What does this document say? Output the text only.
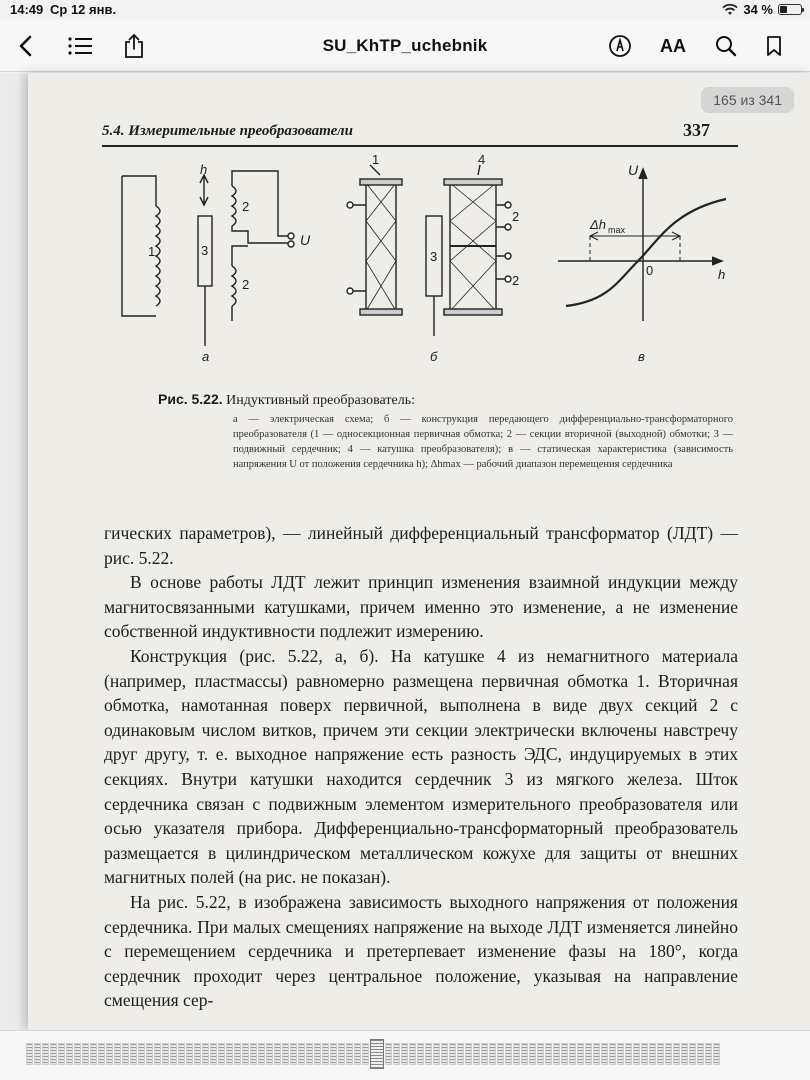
14:49 Ср 12 янв.	34 %
SU_KhTP_uchebnik	AA
5.4. Измерительные преобразователи	337
1
h
3
2
2
U
а
1	4
3
2
2
б
U
h
0
Δh max
в
Рис. 5.22. Индуктивный преобразователь:
а — электрическая схема; б — конструкция передающего дифференциально-трансформаторного преобразователя (1 — односекционная первичная обмотка; 2 — секции вторичной (выходной) обмотки; 3 — подвижный сердечник; 4 — катушка преобразователя); в — статическая характеристика (зависимость напряжения U от положения сердечника h); Δhmax — рабочий диапазон перемещения сердечника

гических параметров), — линейный дифференциальный трансформатор (ЛДТ) — рис. 5.22.

В основе работы ЛДТ лежит принцип изменения взаимной индукции между магнитосвязанными катушками, причем именно это изменение, а не изменение собственной индуктивности подлежит измерению.

Конструкция (рис. 5.22, а, б). На катушке 4 из немагнитного материала (например, пластмассы) равномерно размещена первичная обмотка 1. Вторичная обмотка, намотанная поверх первичной, выполнена в виде двух секций 2 с одинаковым числом витков, причем эти секции электрически включены навстречу друг другу, т. е. выходное напряжение есть разность ЭДС, индуцируемых в этих секциях. Внутри катушки находится сердечник 3 из мягкого железа. Шток сердечника связан с подвижным элементом измерительного преобразователя или осью указателя прибора. Дифференциально-трансформаторный преобразователь размещается в цилиндрическом металлическом кожухе для защиты от внешних магнитных полей (на рис. не показан).

На рис. 5.22, в изображена зависимость выходного напряжения от положения сердечника. При малых смещениях напряжение на выходе ЛДТ изменяется линейно с перемещением сердечника и претерпевает изменение фазы на 180°, когда сердечник проходит через центральное положение, указывая на направление смещения сер-

165 из 341
